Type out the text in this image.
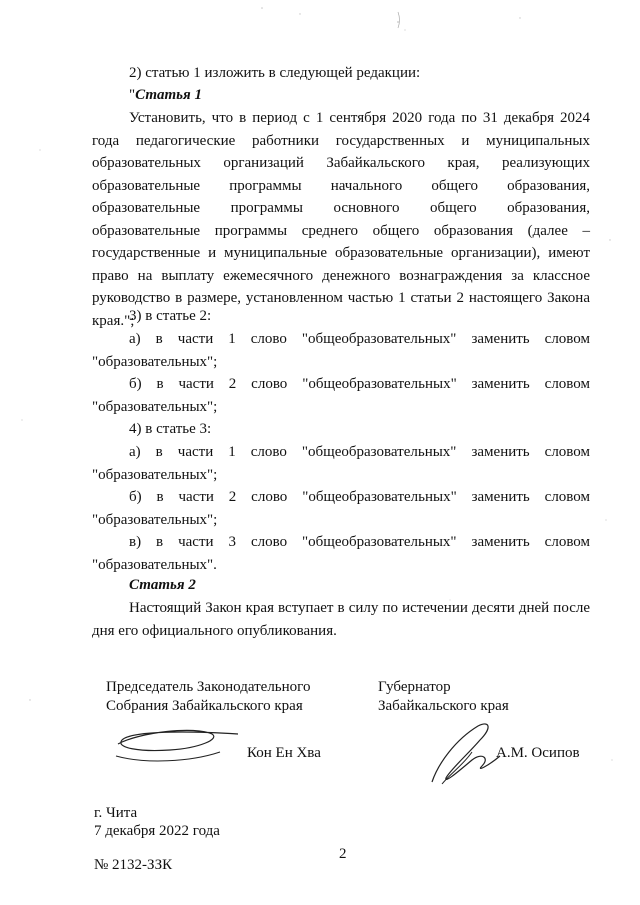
2) статью 1 изложить в следующей редакции:
"Статья 1
Установить, что в период с 1 сентября 2020 года по 31 декабря 2024 года педагогические работники государственных и муниципальных образовательных организаций Забайкальского края, реализующих образовательные программы начального общего образования, образовательные программы основного общего образования, образовательные программы среднего общего образования (далее – государственные и муниципальные образовательные организации), имеют право на выплату ежемесячного денежного вознаграждения за классное руководство в размере, установленном частью 1 статьи 2 настоящего Закона края.";
3) в статье 2:
а) в части 1 слово "общеобразовательных" заменить словом "образовательных";
б) в части 2 слово "общеобразовательных" заменить словом "образовательных";
4) в статье 3:
а) в части 1 слово "общеобразовательных" заменить словом "образовательных";
б) в части 2 слово "общеобразовательных" заменить словом "образовательных";
в) в части 3 слово "общеобразовательных" заменить словом "образовательных".
Статья 2
Настоящий Закон края вступает в силу по истечении десяти дней после дня его официального опубликования.
Председатель Законодательного
Собрания Забайкальского края
Губернатор
Забайкальского края
Кон Ен Хва	А.М. Осипов
г. Чита
7 декабря 2022 года
2
№ 2132-ЗЗК
